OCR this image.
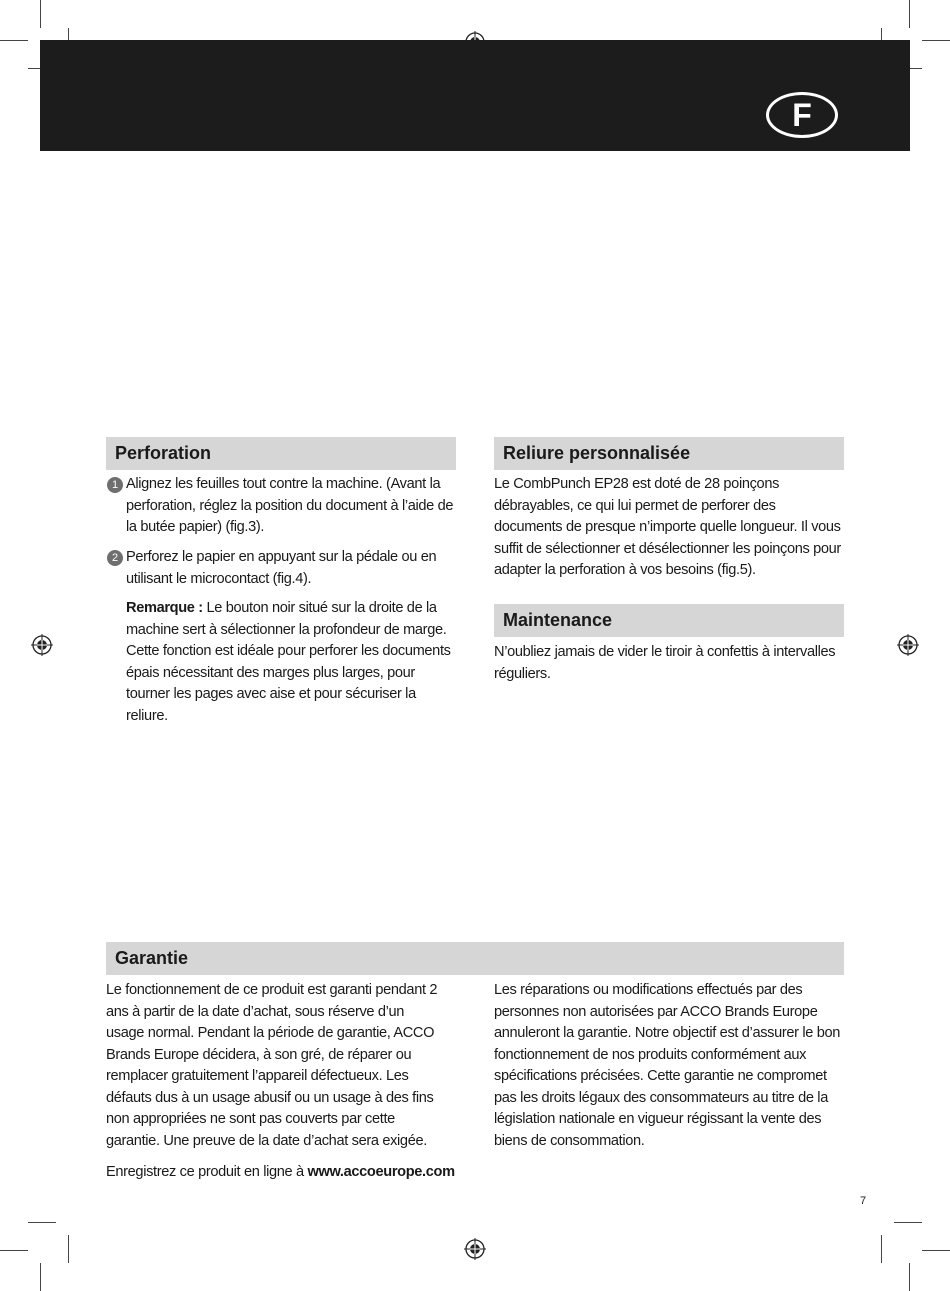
F
Perforation
1 Alignez les feuilles tout contre la machine. (Avant la perforation, réglez la position du document à l’aide de la butée papier) (fig.3).
2 Perforez le papier en appuyant sur la pédale ou en utilisant le microcontact (fig.4).
Remarque : Le bouton noir situé sur la droite de la machine sert à sélectionner la profondeur de marge. Cette fonction est idéale pour perforer les documents épais nécessitant des marges plus larges, pour tourner les pages avec aise et pour sécuriser la reliure.
Reliure personnalisée
Le CombPunch EP28 est doté de 28 poinçons débrayables, ce qui lui permet de perforer des documents de presque n’importe quelle longueur. Il vous suffit de sélectionner et désélectionner les poinçons pour adapter la perforation à vos besoins (fig.5).
Maintenance
N’oubliez jamais de vider le tiroir à confettis à intervalles réguliers.
Garantie
Le fonctionnement de ce produit est garanti pendant 2 ans à partir de la date d’achat, sous réserve d’un usage normal. Pendant la période de garantie, ACCO Brands Europe décidera, à son gré, de réparer ou remplacer gratuitement l’appareil défectueux. Les défauts dus à un usage abusif ou un usage à des fins non appropriées ne sont pas couverts par cette garantie. Une preuve de la date d’achat sera exigée.
Les réparations ou modifications effectués par des personnes non autorisées par ACCO Brands Europe annuleront la garantie. Notre objectif est d’assurer le bon fonctionnement de nos produits conformément aux spécifications précisées. Cette garantie ne compromet pas les droits légaux des consommateurs au titre de la législation nationale en vigueur régissant la vente des biens de consommation.
Enregistrez ce produit en ligne à www.accoeurope.com
7
